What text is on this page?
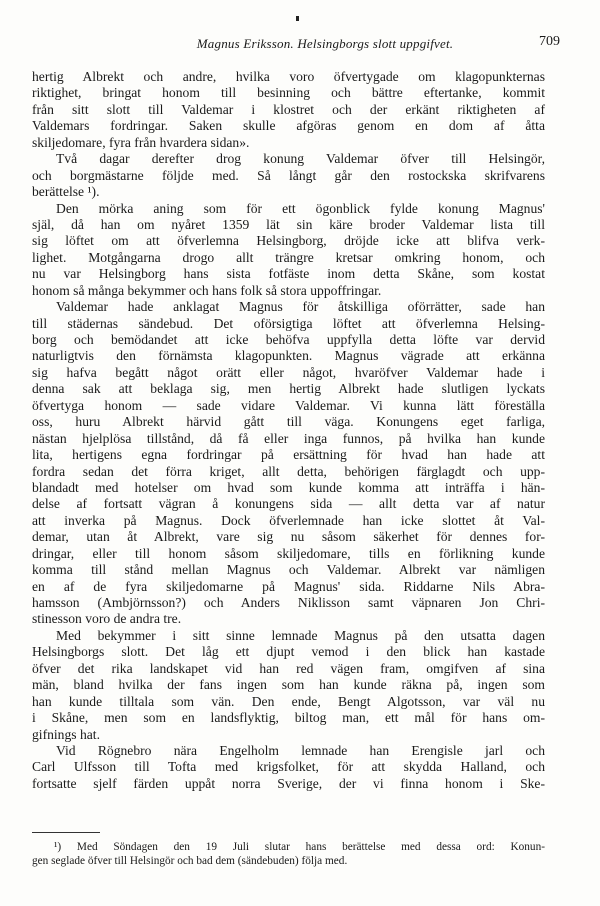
Magnus Eriksson. Helsingborgs slott uppgifvet.	709
hertig Albrekt och andre, hvilka voro öfvertygade om klagopunkternas
riktighet, bringat honom till besinning och bättre eftertanke, kommit
från sitt slott till Valdemar i klostret och der erkänt riktigheten af
Valdemars fordringar. Saken skulle afgöras genom en dom af åtta
skiljedomare, fyra från hvardera sidan».
Två dagar derefter drog konung Valdemar öfver till Helsingör,
och borgmästarne följde med. Så långt går den rostockska skrifvarens
berättelse ¹).
Den mörka aning som för ett ögonblick fylde konung Magnus'
själ, då han om nyåret 1359 lät sin käre broder Valdemar lista till
sig löftet om att öfverlemna Helsingborg, dröjde icke att blifva verk-
lighet. Motgångarna drogo allt trängre kretsar omkring honom, och
nu var Helsingborg hans sista fotfäste inom detta Skåne, som kostat
honom så många bekymmer och hans folk så stora uppoffringar.
Valdemar hade anklagat Magnus för åtskilliga oförrätter, sade han
till städernas sändebud. Det oförsigtiga löftet att öfverlemna Helsing-
borg och bemödandet att icke behöfva uppfylla detta löfte var dervid
naturligtvis den förnämsta klagopunkten. Magnus vägrade att erkänna
sig hafva begått något orätt eller något, hvaröfver Valdemar hade i
denna sak att beklaga sig, men hertig Albrekt hade slutligen lyckats
öfvertyga honom — sade vidare Valdemar. Vi kunna lätt föreställa
oss, huru Albrekt härvid gått till väga. Konungens eget farliga,
nästan hjelplösa tillstånd, då få eller inga funnos, på hvilka han kunde
lita, hertigens egna fordringar på ersättning för hvad han hade att
fordra sedan det förra kriget, allt detta, behörigen färglagdt och upp-
blandadt med hotelser om hvad som kunde komma att inträffa i hän-
delse af fortsatt vägran å konungens sida — allt detta var af natur
att inverka på Magnus. Dock öfverlemnade han icke slottet åt Val-
demar, utan åt Albrekt, vare sig nu såsom säkerhet för dennes for-
dringar, eller till honom såsom skiljedomare, tills en förlikning kunde
komma till stånd mellan Magnus och Valdemar. Albrekt var nämligen
en af de fyra skiljedomarne på Magnus' sida. Riddarne Nils Abra-
hamsson (Ambjörnsson?) och Anders Niklisson samt väpnaren Jon Chri-
stinesson voro de andra tre.
Med bekymmer i sitt sinne lemnade Magnus på den utsatta dagen
Helsingborgs slott. Det låg ett djupt vemod i den blick han kastade
öfver det rika landskapet vid han red vägen fram, omgifven af sina
män, bland hvilka der fans ingen som han kunde räkna på, ingen som
han kunde tilltala som vän. Den ende, Bengt Algotsson, var väl nu
i Skåne, men som en landsflyktig, biltog man, ett mål för hans om-
gifnings hat.
Vid Rögnebro nära Engelholm lemnade han Erengisle jarl och
Carl Ulfsson till Tofta med krigsfolket, för att skydda Halland, och
fortsatte sjelf färden uppåt norra Sverige, der vi finna honom i Ske-
¹) Med Söndagen den 19 Juli slutar hans berättelse med dessa ord: Konun-
gen seglade öfver till Helsingör och bad dem (sändebuden) följa med.
